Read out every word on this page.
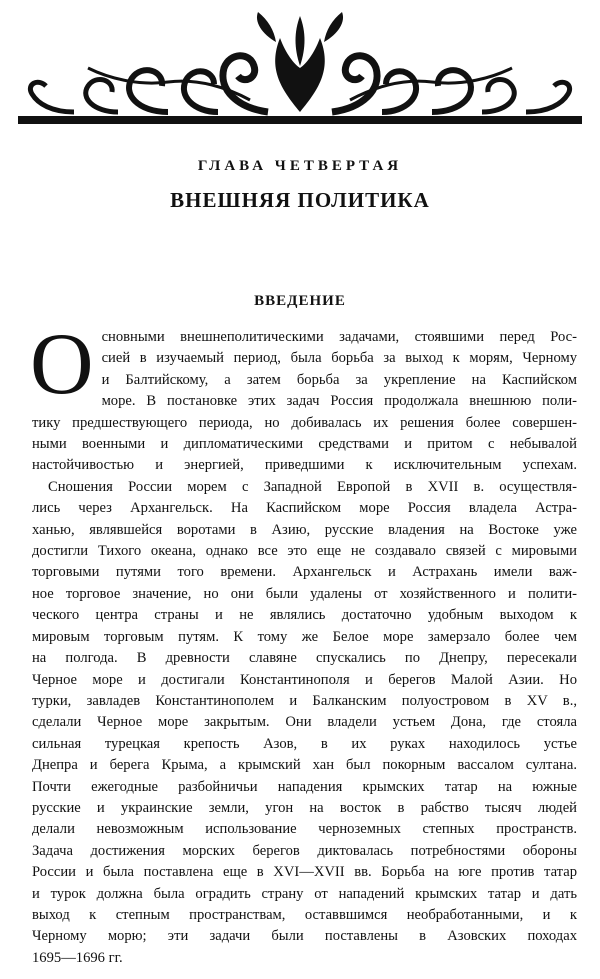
ГЛАВА ЧЕТВЕРТАЯ
ВНЕШНЯЯ ПОЛИТИКА
ВВЕДЕНИЕ
О сновными внешнеполитическими задачами, стоявшими перед Рос-
сией в изучаемый период, была борьба за выход к морям, Черному
и Балтийскому, а затем борьба за укрепление на Каспийском
море. В постановке этих задач Россия продолжала внешнюю поли-
тику предшествующего периода, но добивалась их решения более совершен-
ными военными и дипломатическими средствами и притом с небывалой
настойчивостью и энергией, приведшими к исключительным успехам.
Сношения России морем с Западной Европой в XVII в. осуществля-
лись через Архангельск. На Каспийском море Россия владела Астра-
ханью, являвшейся воротами в Азию, русские владения на Востоке уже
достигли Тихого океана, однако все это еще не создавало связей с мировыми
торговыми путями того времени. Архангельск и Астрахань имели важ-
ное торговое значение, но они были удалены от хозяйственного и полити-
ческого центра страны и не являлись достаточно удобным выходом к
мировым торговым путям. К тому же Белое море замерзало более чем
на полгода. В древности славяне спускались по Днепру, пересекали
Черное море и достигали Константинополя и берегов Малой Азии. Но
турки, завладев Константинополем и Балканским полуостровом в XV в.,
сделали Черное море закрытым. Они владели устьем Дона, где стояла
сильная турецкая крепость Азов, в их руках находилось устье
Днепра и берега Крыма, а крымский хан был покорным вассалом султана.
Почти ежегодные разбойничьи нападения крымских татар на южные
русские и украинские земли, угон на восток в рабство тысяч людей
делали невозможным использование черноземных степных пространств.
Задача достижения морских берегов диктовалась потребностями обороны
России и была поставлена еще в XVI—XVII вв. Борьба на юге против татар
и турок должна была оградить страну от нападений крымских татар и дать
выход к степным пространствам, оставвшимся необработанными, и к
Черному морю; эти задачи были поставлены в Азовских походах
1695—1696 гг.
